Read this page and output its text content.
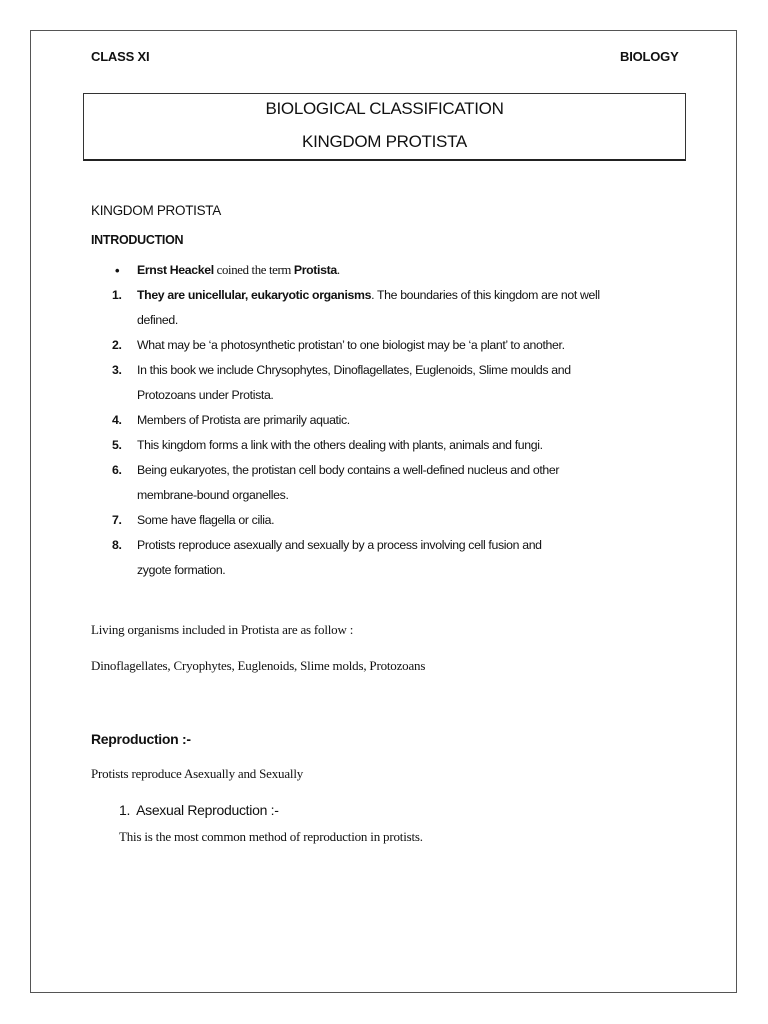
CLASS XI	BIOLOGY
BIOLOGICAL CLASSIFICATION
KINGDOM PROTISTA
KINGDOM PROTISTA
INTRODUCTION
• Ernst Heackel coined the term Protista.
1. They are unicellular, eukaryotic organisms. The boundaries of this kingdom are not well
defined.
2. What may be ‘a photosynthetic protistan’ to one biologist may be ‘a plant’ to another.
3. In this book we include Chrysophytes, Dinoflagellates, Euglenoids, Slime moulds and
Protozoans under Protista.
4. Members of Protista are primarily aquatic.
5. This kingdom forms a link with the others dealing with plants, animals and fungi.
6. Being eukaryotes, the protistan cell body contains a well-defined nucleus and other
membrane-bound organelles.
7. Some have flagella or cilia.
8. Protists reproduce asexually and sexually by a process involving cell fusion and
zygote formation.
Living organisms included in Protista are as follow :
Dinoflagellates, Cryophytes, Euglenoids, Slime molds, Protozoans
Reproduction :-
Protists reproduce Asexually and Sexually
1. Asexual Reproduction :-
This is the most common method of reproduction in protists.
